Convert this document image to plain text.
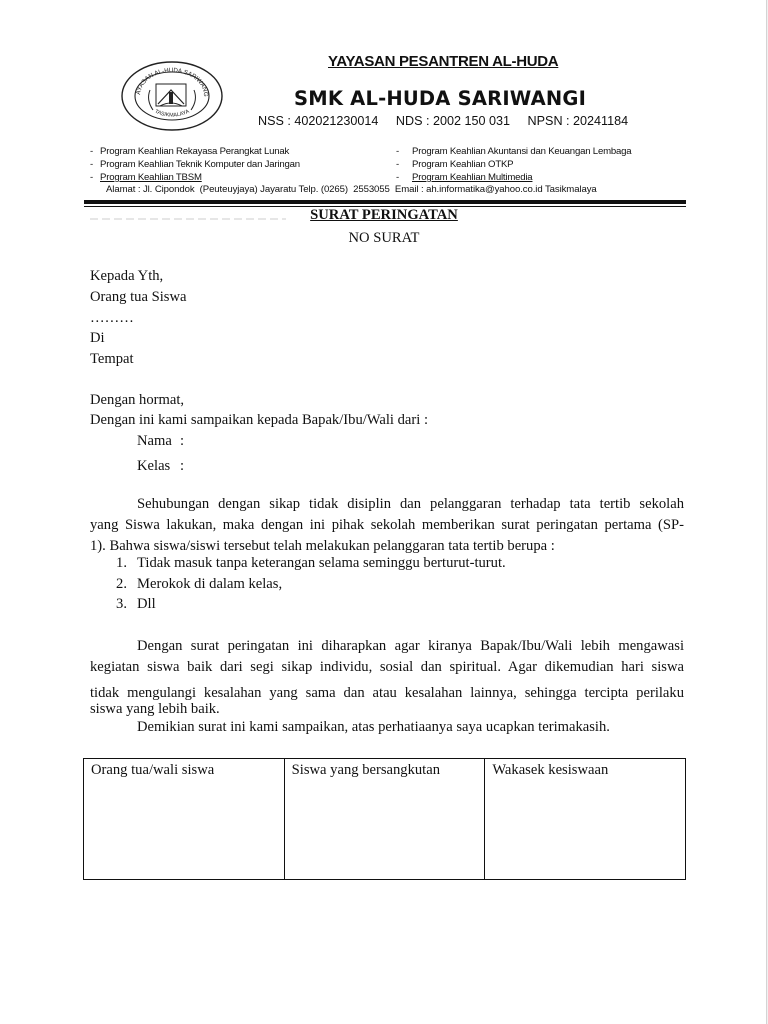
AYASAN AL-HUDA SARIWANG
TASIKMALAYA
YAYASAN PESANTREN AL-HUDA
SMK AL-HUDA SARIWANGI
NSS : 402021230014     NDS : 2002 150 031     NPSN : 20241184
- Program Keahlian Rekayasa Perangkat Lunak
- Program Keahlian Teknik Komputer dan Jaringan
- Program Keahlian TBSM
- Program Keahlian Akuntansi dan Keuangan Lembaga
- Program Keahlian OTKP
- Program Keahlian Multimedia
Alamat : Jl. Cipondok  (Peuteuyjaya) Jayaratu Telp. (0265)  2553055  Email : ah.informatika@yahoo.co.id Tasikmalaya
SURAT PERINGATAN
NO SURAT
Kepada Yth,
Orang tua Siswa
………
Di
Tempat
Dengan hormat,
Dengan ini kami sampaikan kepada Bapak/Ibu/Wali dari :
Nama :
Kelas :
Sehubungan dengan sikap tidak disiplin dan pelanggaran terhadap tata tertib sekolah
yang Siswa lakukan, maka dengan ini pihak sekolah memberikan surat peringatan pertama (SP-
1). Bahwa siswa/siswi tersebut telah melakukan pelanggaran tata tertib berupa :
1. Tidak masuk tanpa keterangan selama seminggu berturut-turut.
2. Merokok di dalam kelas,
3. Dll
Dengan surat peringatan ini diharapkan agar kiranya Bapak/Ibu/Wali lebih mengawasi
kegiatan siswa baik dari segi sikap individu, sosial dan spiritual. Agar dikemudian hari siswa
tidak mengulangi kesalahan yang sama dan atau kesalahan lainnya, sehingga tercipta perilaku
siswa yang lebih baik.
Demikian surat ini kami sampaikan, atas perhatiaanya saya ucapkan terimakasih.
Orang tua/wali siswa	Siswa yang bersangkutan	Wakasek kesiswaan
